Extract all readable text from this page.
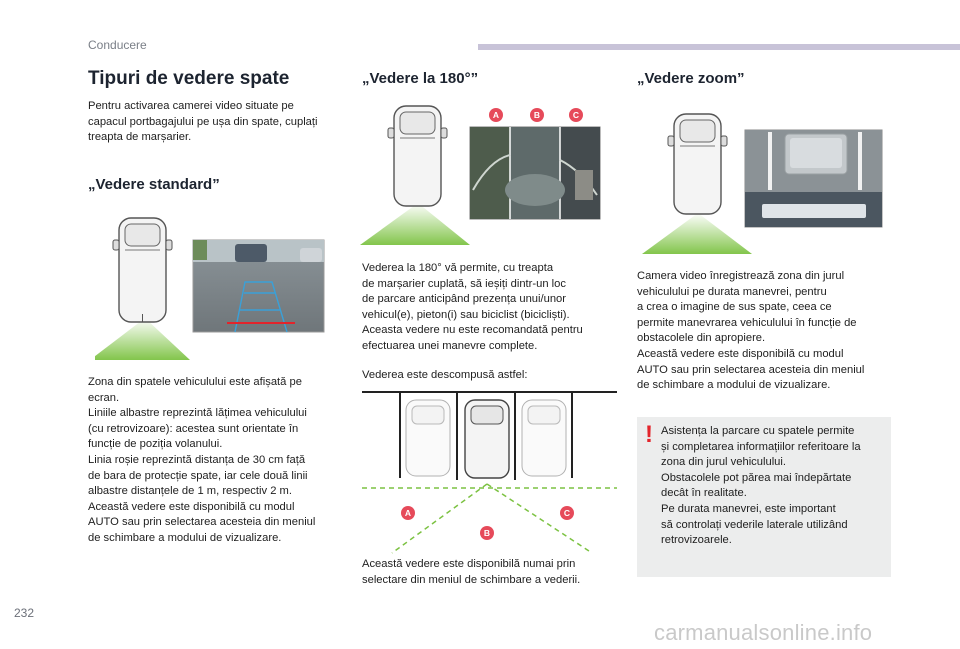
Conducere
Tipuri de vedere spate
Pentru activarea camerei video situate pe
capacul portbagajului pe ușa din spate, cuplați
treapta de marșarier.
„Vedere standard”
Zona din spatele vehiculului este afișată pe
ecran.
Liniile albastre reprezintă lățimea vehiculului
(cu retrovizoare): acestea sunt orientate în
funcție de poziția volanului.
Linia roșie reprezintă distanța de 30 cm față
de bara de protecție spate, iar cele două linii
albastre distanțele de 1 m, respectiv 2 m.
Această vedere este disponibilă cu modul
AUTO sau prin selectarea acesteia din meniul
de schimbare a modului de vizualizare.
„Vedere la 180°”
A	B	C
Vederea la 180° vă permite, cu treapta
de marșarier cuplată, să ieșiți dintr-un loc
de parcare anticipând prezența unui/unor
vehicul(e), pieton(i) sau biciclist (bicicliști).
Aceasta vedere nu este recomandată pentru
efectuarea unei manevre complete.
Vederea este descompusă astfel:
A
B
C
Această vedere este disponibilă numai prin
selectare din meniul de schimbare a vederii.
„Vedere zoom”
Camera video înregistrează zona din jurul
vehiculului pe durata manevrei, pentru
a crea o imagine de sus spate, ceea ce
permite manevrarea vehiculului în funcție de
obstacolele din apropiere.
Această vedere este disponibilă cu modul
AUTO sau prin selectarea acesteia din meniul
de schimbare a modului de vizualizare.
! Asistența la parcare cu spatele permite
și completarea informațiilor referitoare la
zona din jurul vehiculului.
Obstacolele pot părea mai îndepărtate
decât în realitate.
Pe durata manevrei, este important
să controlați vederile laterale utilizând
retrovizoarele.
232
carmanualsonline.info
